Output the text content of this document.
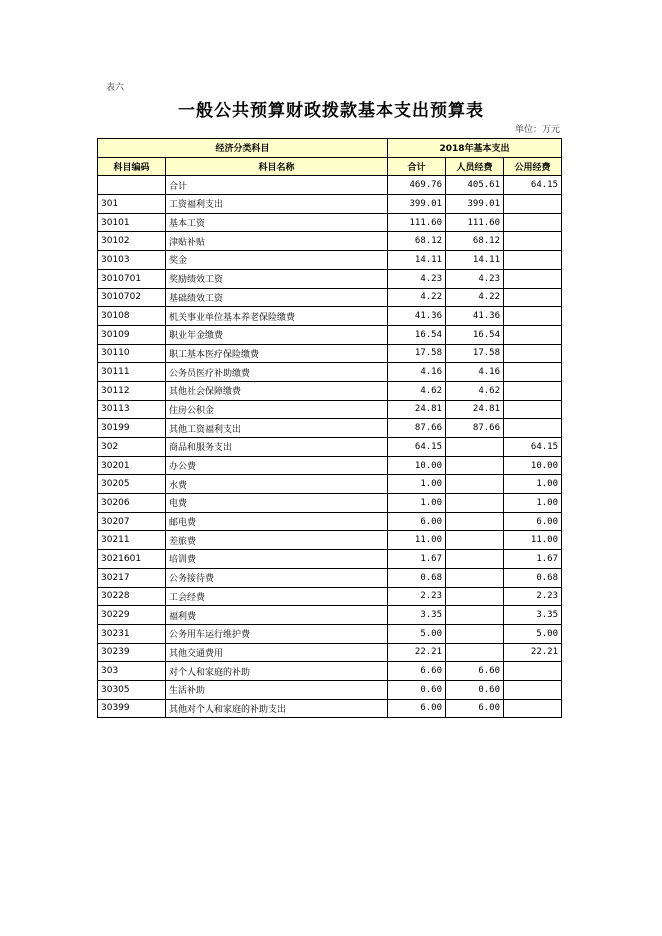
表六
一般公共预算财政拨款基本支出预算表
单位：万元
经济分类科目		2018年基本支出		
科目编码	科目名称	合计	人员经费	公用经费
	合计	469.76	405.61	64.15
301	工资福利支出	399.01	399.01	
30101	基本工资	111.60	111.60	
30102	津贴补贴	68.12	68.12	
30103	奖金	14.11	14.11	
3010701	奖励绩效工资	4.23	4.23	
3010702	基础绩效工资	4.22	4.22	
30108	机关事业单位基本养老保险缴费	41.36	41.36	
30109	职业年金缴费	16.54	16.54	
30110	职工基本医疗保险缴费	17.58	17.58	
30111	公务员医疗补助缴费	4.16	4.16	
30112	其他社会保障缴费	4.62	4.62	
30113	住房公积金	24.81	24.81	
30199	其他工资福利支出	87.66	87.66	
302	商品和服务支出	64.15		64.15
30201	办公费	10.00		10.00
30205	水费	1.00		1.00
30206	电费	1.00		1.00
30207	邮电费	6.00		6.00
30211	差旅费	11.00		11.00
3021601	培训费	1.67		1.67
30217	公务接待费	0.68		0.68
30228	工会经费	2.23		2.23
30229	福利费	3.35		3.35
30231	公务用车运行维护费	5.00		5.00
30239	其他交通费用	22.21		22.21
303	对个人和家庭的补助	6.60	6.60	
30305	生活补助	0.60	0.60	
30399	其他对个人和家庭的补助支出	6.00	6.00	
